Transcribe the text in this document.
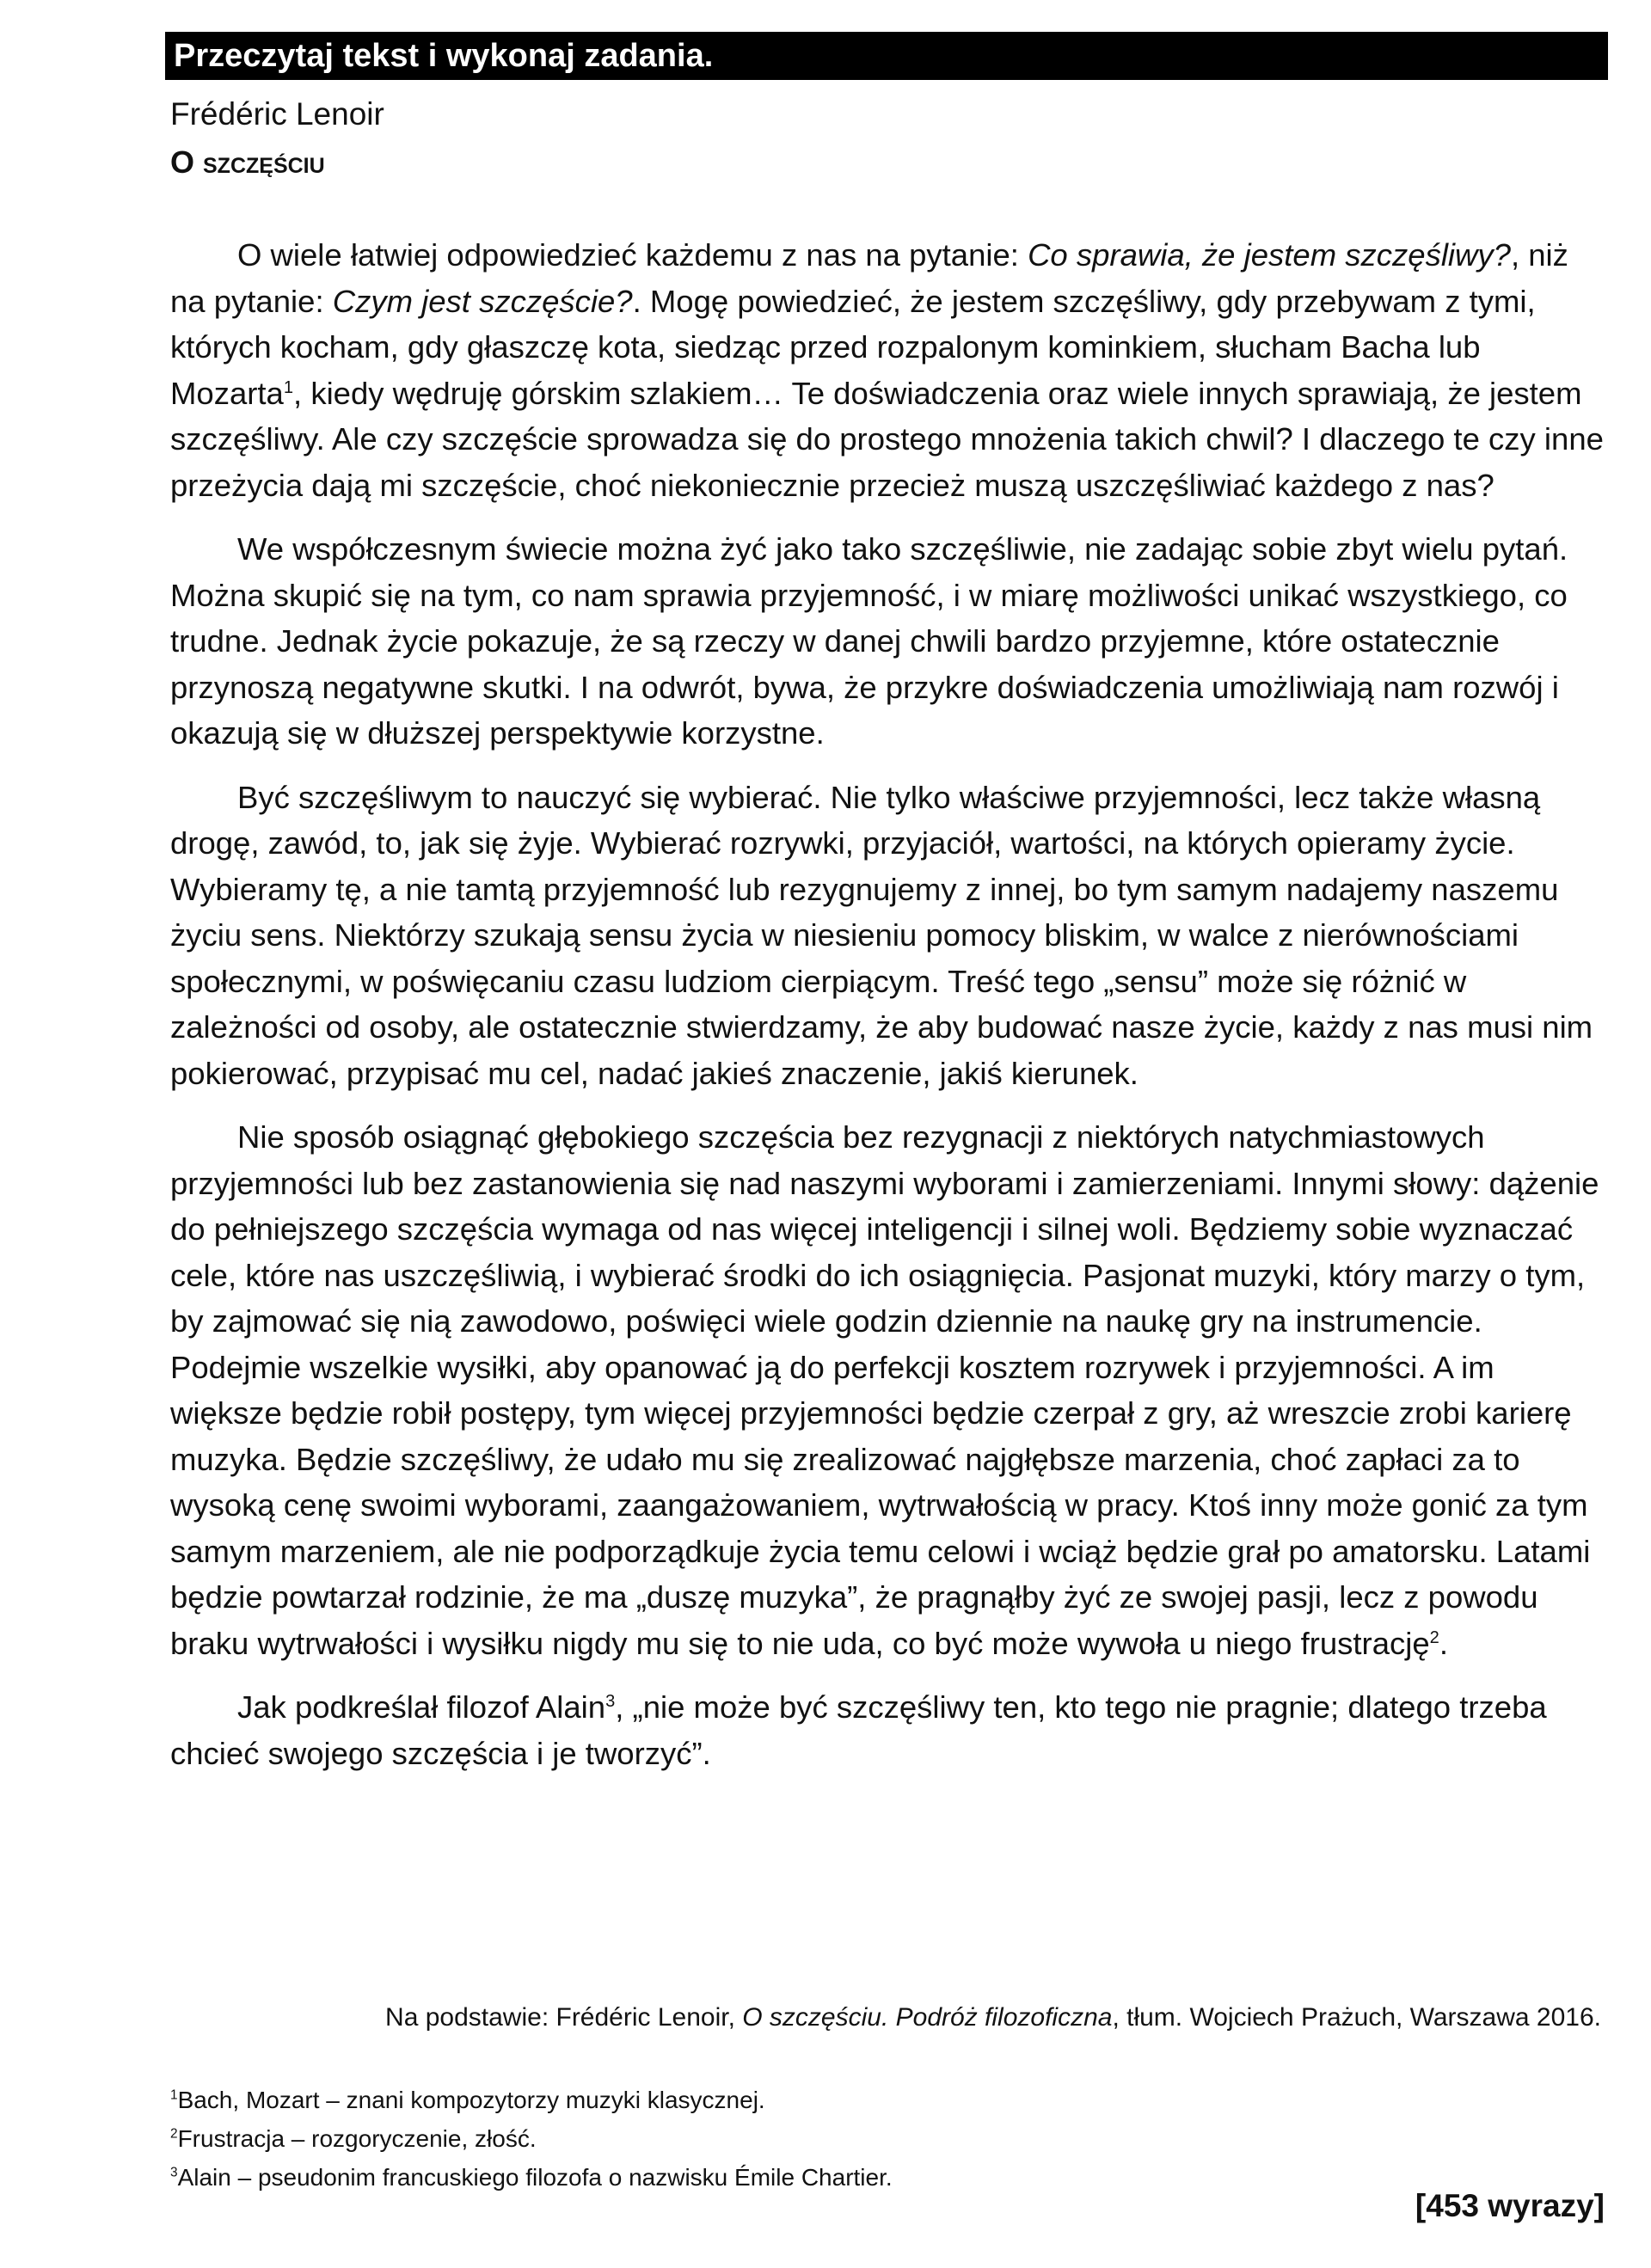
Przeczytaj tekst i wykonaj zadania.
Frédéric Lenoir
O szczęściu

O wiele łatwiej odpowiedzieć każdemu z nas na pytanie: Co sprawia, że jestem szczęśliwy?, niż na pytanie: Czym jest szczęście?. Mogę powiedzieć, że jestem szczęśliwy, gdy przebywam z tymi, których kocham, gdy głaszczę kota, siedząc przed rozpalonym kominkiem, słucham Bacha lub Mozarta$^1$, kiedy wędruję górskim szlakiem… Te doświadczenia oraz wiele innych sprawiają, że jestem szczęśliwy. Ale czy szczęście sprowadza się do prostego mnożenia takich chwil? I dlaczego te czy inne przeżycia dają mi szczęście, choć niekoniecznie przecież muszą uszczęśliwiać każdego z nas?

We współczesnym świecie można żyć jako tako szczęśliwie, nie zadając sobie zbyt wielu pytań. Można skupić się na tym, co nam sprawia przyjemność, i w miarę możliwości unikać wszystkiego, co trudne. Jednak życie pokazuje, że są rzeczy w danej chwili bardzo przyjemne, które ostatecznie przynoszą negatywne skutki. I na odwrót, bywa, że przykre doświadczenia umożliwiają nam rozwój i okazują się w dłuższej perspektywie korzystne.

Być szczęśliwym to nauczyć się wybierać. Nie tylko właściwe przyjemności, lecz także własną drogę, zawód, to, jak się żyje. Wybierać rozrywki, przyjaciół, wartości, na których opieramy życie. Wybieramy tę, a nie tamtą przyjemność lub rezygnujemy z innej, bo tym samym nadajemy naszemu życiu sens. Niektórzy szukają sensu życia w niesieniu pomocy bliskim, w walce z nierównościami społecznymi, w poświęcaniu czasu ludziom cierpiącym. Treść tego „sensu” może się różnić w zależności od osoby, ale ostatecznie stwierdzamy, że aby budować nasze życie, każdy z nas musi nim pokierować, przypisać mu cel, nadać jakieś znaczenie, jakiś kierunek.

Nie sposób osiągnąć głębokiego szczęścia bez rezygnacji z niektórych natychmiastowych przyjemności lub bez zastanowienia się nad naszymi wyborami i zamierzeniami. Innymi słowy: dążenie do pełniejszego szczęścia wymaga od nas więcej inteligencji i silnej woli. Będziemy sobie wyznaczać cele, które nas uszczęśliwią, i wybierać środki do ich osiągnięcia. Pasjonat muzyki, który marzy o tym, by zajmować się nią zawodowo, poświęci wiele godzin dziennie na naukę gry na instrumencie. Podejmie wszelkie wysiłki, aby opanować ją do perfekcji kosztem rozrywek i przyjemności. A im większe będzie robił postępy, tym więcej przyjemności będzie czerpał z gry, aż wreszcie zrobi karierę muzyka. Będzie szczęśliwy, że udało mu się zrealizować najgłębsze marzenia, choć zapłaci za to wysoką cenę swoimi wyborami, zaangażowaniem, wytrwałością w pracy. Ktoś inny może gonić za tym samym marzeniem, ale nie podporządkuje życia temu celowi i wciąż będzie grał po amatorsku. Latami będzie powtarzał rodzinie, że ma „duszę muzyka”, że pragnąłby żyć ze swojej pasji, lecz z powodu braku wytrwałości i wysiłku nigdy mu się to nie uda, co być może wywoła u niego frustrację$^2$.

Jak podkreślał filozof Alain$^3$, „nie może być szczęśliwy ten, kto tego nie pragnie; dlatego trzeba chcieć swojego szczęścia i je tworzyć”.

Na podstawie: Frédéric Lenoir, O szczęściu. Podróż filozoficzna, tłum. Wojciech Prażuch, Warszawa 2016.
$^1$Bach, Mozart – znani kompozytorzy muzyki klasycznej.
$^2$Frustracja – rozgoryczenie, złość.
$^3$Alain – pseudonim francuskiego filozofa o nazwisku Émile Chartier.
[453 wyrazy]
